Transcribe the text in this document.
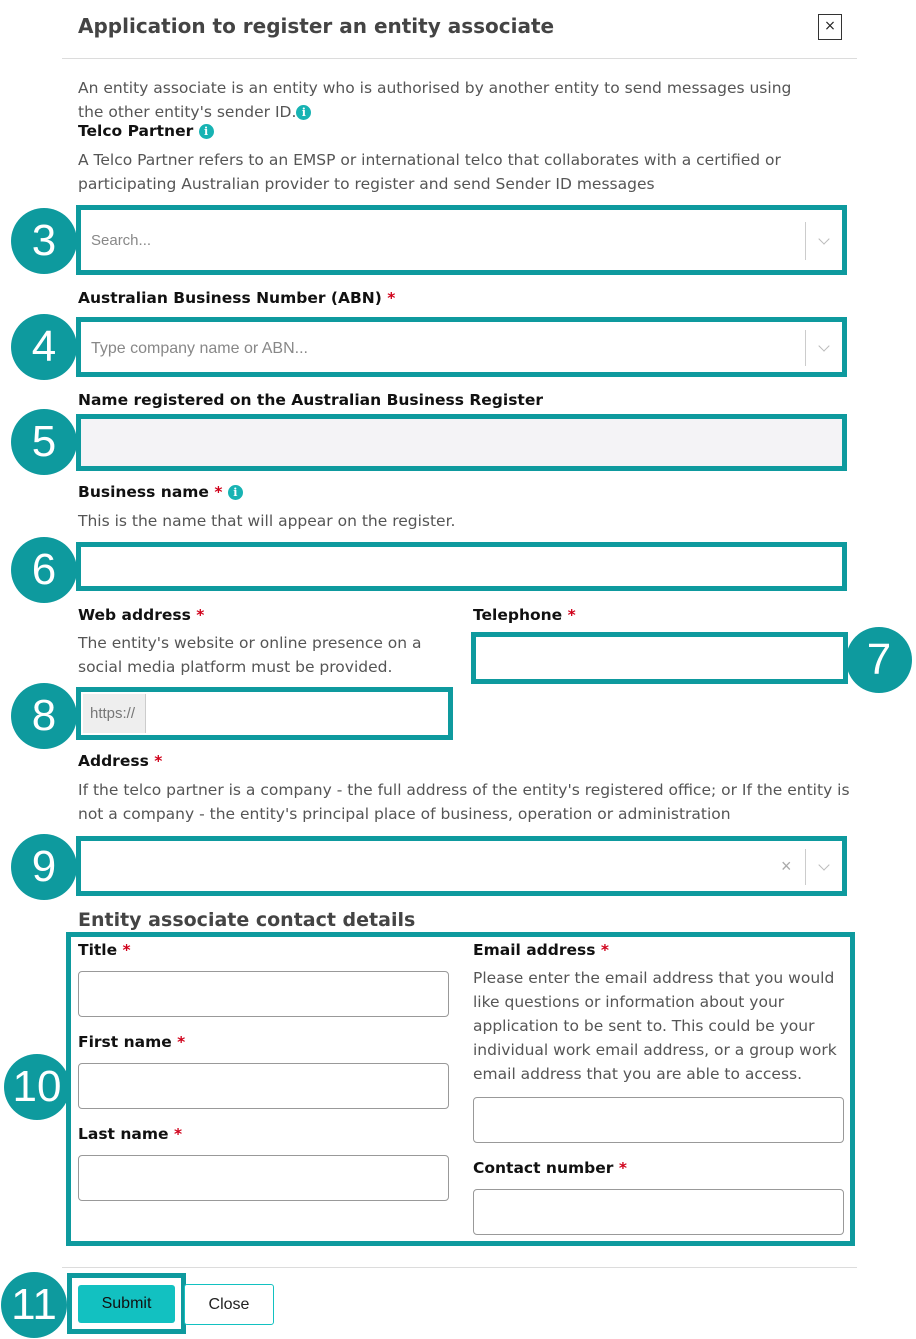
Application to register an entity associate	×
An entity associate is an entity who is authorised by another entity to send messages using the other entity's sender ID. i
Telco Partner i
A Telco Partner refers to an EMSP or international telco that collaborates with a certified or participating Australian provider to register and send Sender ID messages
3	Search...
Australian Business Number (ABN) *
4	Type company name or ABN...
Name registered on the Australian Business Register
5
Business name * i
This is the name that will appear on the register.
6
Web address *
The entity's website or online presence on a social media platform must be provided.
8	https://
Telephone *
7
Address *
If the telco partner is a company - the full address of the entity's registered office; or If the entity is not a company - the entity's principal place of business, operation or administration
9	×
Entity associate contact details
10
Title *
First name *
Last name *
Email address *
Please enter the email address that you would like questions or information about your application to be sent to. This could be your individual work email address, or a group work email address that you are able to access.
Contact number *
11	Submit	Close
